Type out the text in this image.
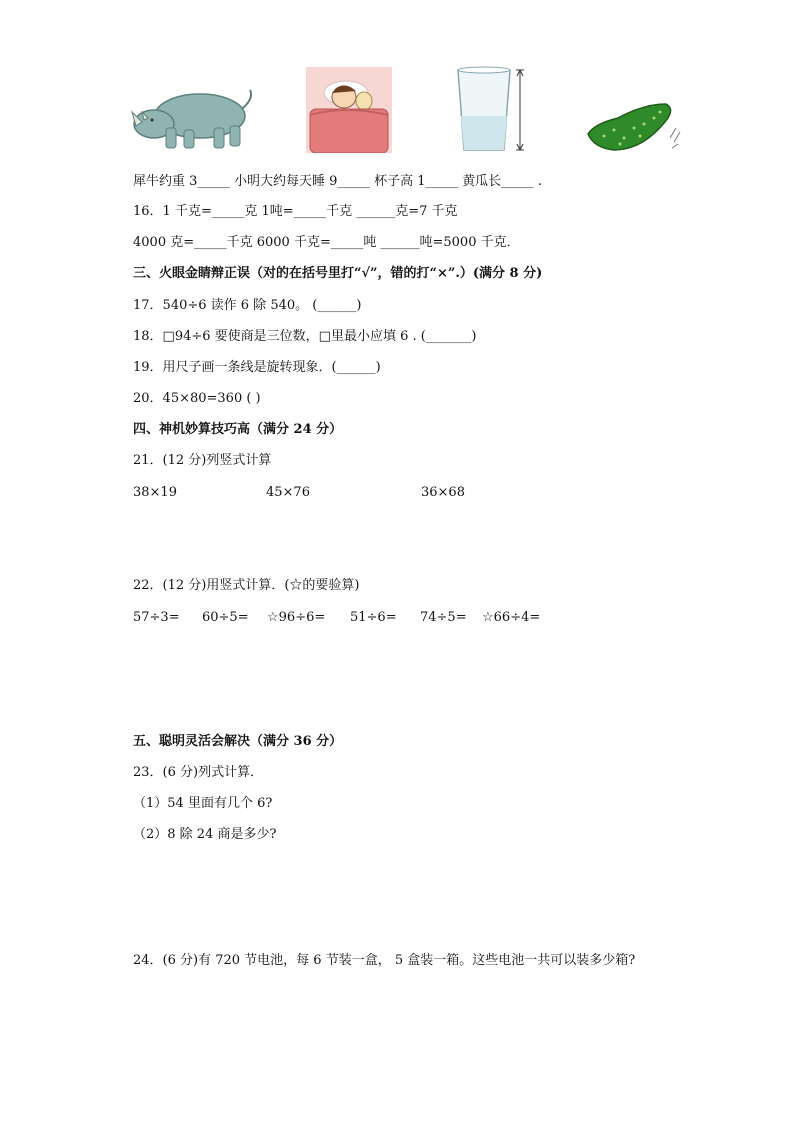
犀牛约重 3_____ 小明大约每天睡 9_____ 杯子高 1_____ 黄瓜长_____ .
16．1 千克=_____克 1吨=_____千克 ______克=7 千克
4000 克=_____千克 6000 千克=_____吨 ______吨=5000 千克．
三、火眼金睛辩正误（对的在括号里打“√”，错的打“×”.）(满分 8 分)
17．540÷6 读作 6 除 540。 (______)
18．□94÷6 要使商是三位数，□里最小应填 6 . (_______)
19．用尺子画一条线是旋转现象．(______)
20．45×80=360 ( )
四、神机妙算技巧高（满分 24 分）
21．(12 分)列竖式计算
38×19	45×76	36×68
22．(12 分)用竖式计算．(☆的要验算)
57÷3= 60÷5= ☆96÷6= 51÷6= 74÷5= ☆66÷4=
五、聪明灵活会解决（满分 36 分）
23．(6 分)列式计算．
（1）54 里面有几个 6?
（2）8 除 24 商是多少?
24．(6 分)有 720 节电池，每 6 节装一盒， 5 盒装一箱。这些电池一共可以装多少箱?
